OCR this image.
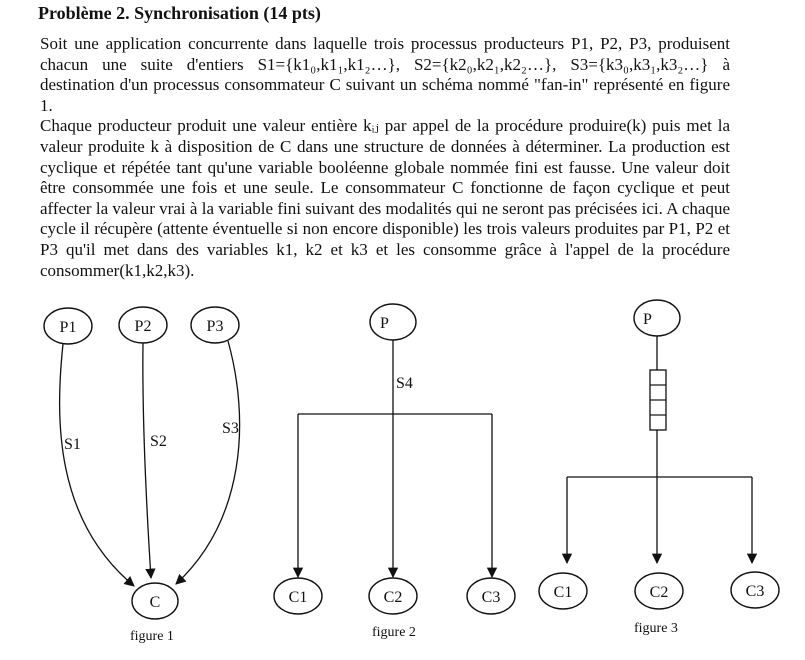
Problème 2. Synchronisation (14 pts)

Soit une application concurrente dans laquelle trois processus producteurs P1, P2, P3, produisent chacun une suite d'entiers S1={k1₀,k1₁,k1₂…}, S2={k2₀,k2₁,k2₂…}, S3={k3₀,k3₁,k3₂…} à destination d'un processus consommateur C suivant un schéma nommé "fan-in" représenté en figure 1.

Chaque producteur produit une valeur entière kᵢⱼ par appel de la procédure produire(k) puis met la valeur produite k à disposition de C dans une structure de données à déterminer. La production est cyclique et répétée tant qu'une variable booléenne globale nommée fini est fausse. Une valeur doit être consommée une fois et une seule. Le consommateur C fonctionne de façon cyclique et peut affecter la valeur vrai à la variable fini suivant des modalités qui ne seront pas précisées ici. A chaque cycle il récupère (attente éventuelle si non encore disponible) les trois valeurs produites par P1, P2 et P3 qu'il met dans des variables k1, k2 et k3 et les consomme grâce à l'appel de la procédure consommer(k1,k2,k3).

P1	P2	P3
S1	S2
S3
C
figure 1
P
S4
C1	C2	C3
figure 2
P
C1	C2	C3
figure 3
